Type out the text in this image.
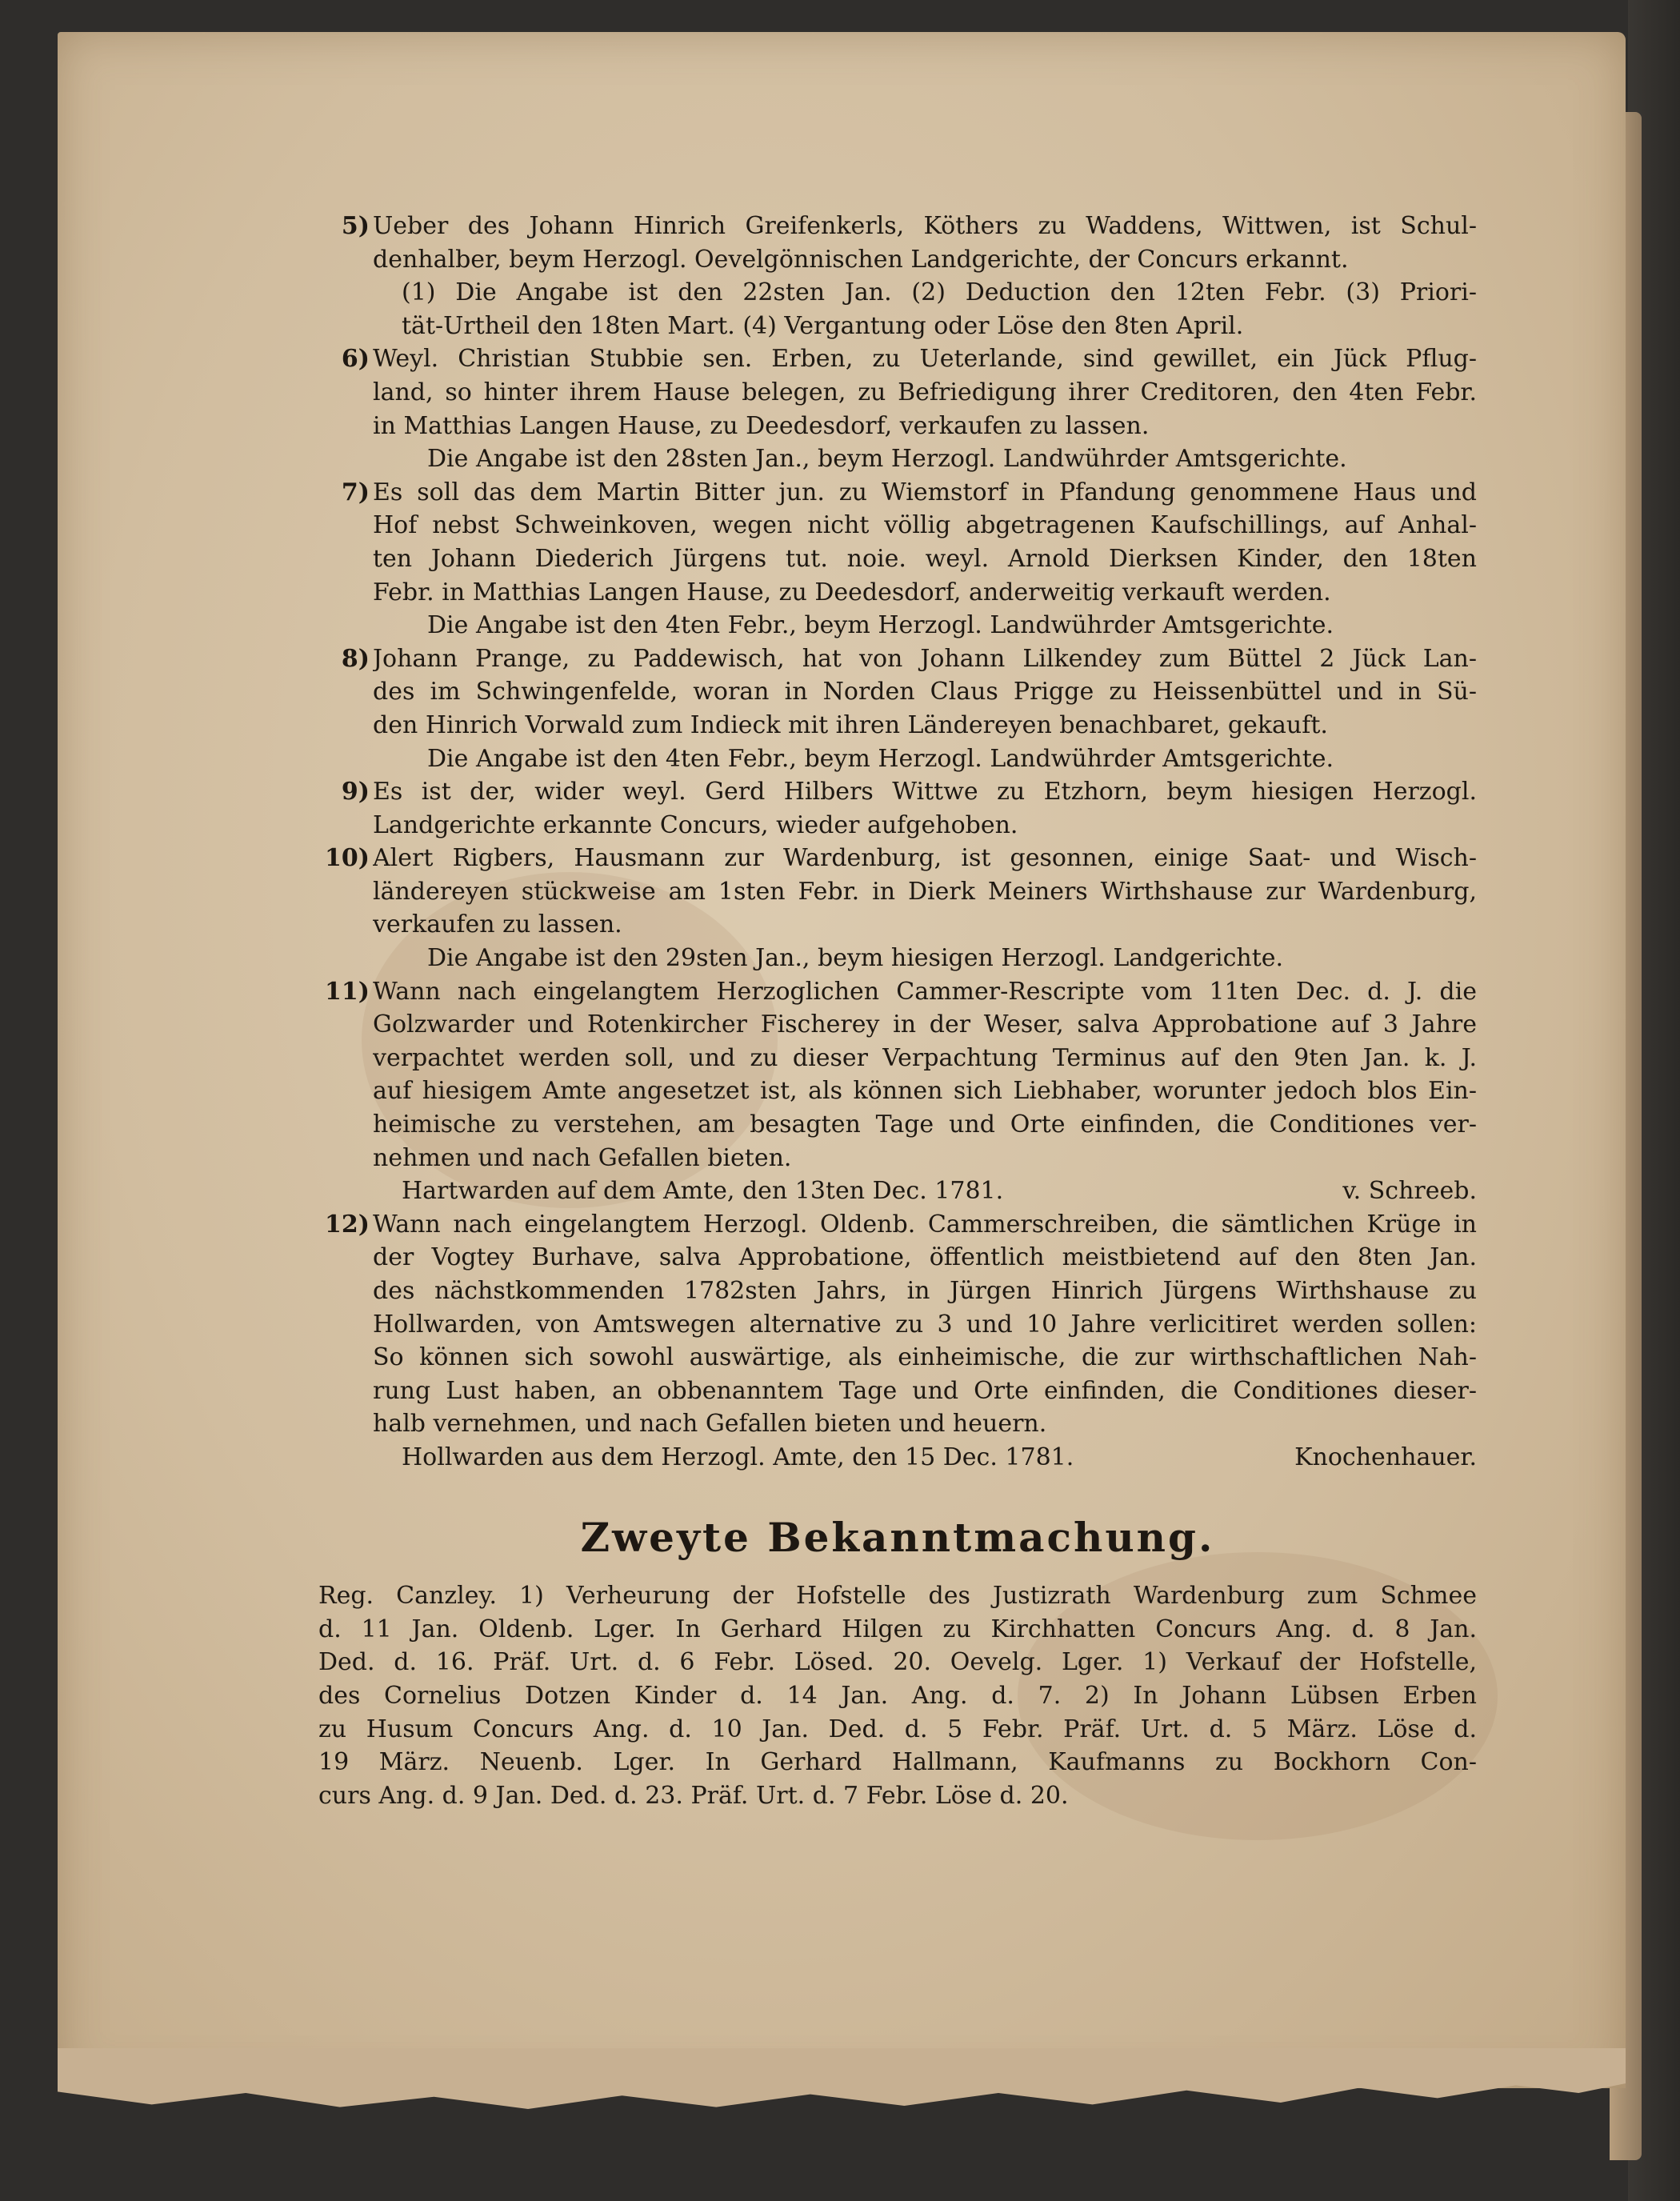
5) Ueber des Johann Hinrich Greifenkerls, Köthers zu Waddens, Wittwen, ist Schul-
denhalber, beym Herzogl. Oevelgönnischen Landgerichte, der Concurs erkannt.
(1) Die Angabe ist den 22sten Jan. (2) Deduction den 12ten Febr. (3) Priori-
tät-Urtheil den 18ten Mart. (4) Vergantung oder Löse den 8ten April.
6) Weyl. Christian Stubbie sen. Erben, zu Ueterlande, sind gewillet, ein Jück Pflug-
land, so hinter ihrem Hause belegen, zu Befriedigung ihrer Creditoren, den 4ten Febr.
in Matthias Langen Hause, zu Deedesdorf, verkaufen zu lassen.
Die Angabe ist den 28sten Jan., beym Herzogl. Landwührder Amtsgerichte.
7) Es soll das dem Martin Bitter jun. zu Wiemstorf in Pfandung genommene Haus und
Hof nebst Schweinkoven, wegen nicht völlig abgetragenen Kaufschillings, auf Anhal-
ten Johann Diederich Jürgens tut. noie. weyl. Arnold Dierksen Kinder, den 18ten
Febr. in Matthias Langen Hause, zu Deedesdorf, anderweitig verkauft werden.
Die Angabe ist den 4ten Febr., beym Herzogl. Landwührder Amtsgerichte.
8) Johann Prange, zu Paddewisch, hat von Johann Lilkendey zum Büttel 2 Jück Lan-
des im Schwingenfelde, woran in Norden Claus Prigge zu Heissenbüttel und in Sü-
den Hinrich Vorwald zum Indieck mit ihren Ländereyen benachbaret, gekauft.
Die Angabe ist den 4ten Febr., beym Herzogl. Landwührder Amtsgerichte.
9) Es ist der, wider weyl. Gerd Hilbers Wittwe zu Etzhorn, beym hiesigen Herzogl.
Landgerichte erkannte Concurs, wieder aufgehoben.
10) Alert Rigbers, Hausmann zur Wardenburg, ist gesonnen, einige Saat- und Wisch-
ländereyen stückweise am 1sten Febr. in Dierk Meiners Wirthshause zur Wardenburg,
verkaufen zu lassen.
Die Angabe ist den 29sten Jan., beym hiesigen Herzogl. Landgerichte.
11) Wann nach eingelangtem Herzoglichen Cammer-Rescripte vom 11ten Dec. d. J. die
Golzwarder und Rotenkircher Fischerey in der Weser, salva Approbatione auf 3 Jahre
verpachtet werden soll, und zu dieser Verpachtung Terminus auf den 9ten Jan. k. J.
auf hiesigem Amte angesetzet ist, als können sich Liebhaber, worunter jedoch blos Ein-
heimische zu verstehen, am besagten Tage und Orte einfinden, die Conditiones ver-
nehmen und nach Gefallen bieten.
Hartwarden auf dem Amte, den 13ten Dec. 1781.	v. Schreeb.
12) Wann nach eingelangtem Herzogl. Oldenb. Cammerschreiben, die sämtlichen Krüge in
der Vogtey Burhave, salva Approbatione, öffentlich meistbietend auf den 8ten Jan.
des nächstkommenden 1782sten Jahrs, in Jürgen Hinrich Jürgens Wirthshause zu
Hollwarden, von Amtswegen alternative zu 3 und 10 Jahre verlicitiret werden sollen:
So können sich sowohl auswärtige, als einheimische, die zur wirthschaftlichen Nah-
rung Lust haben, an obbenanntem Tage und Orte einfinden, die Conditiones dieser-
halb vernehmen, und nach Gefallen bieten und heuern.
Hollwarden aus dem Herzogl. Amte, den 15 Dec. 1781.	Knochenhauer.
Zweyte Bekanntmachung.
Reg. Canzley. 1) Verheurung der Hofstelle des Justizrath Wardenburg zum Schmee
d. 11 Jan. Oldenb. Lger. In Gerhard Hilgen zu Kirchhatten Concurs Ang. d. 8 Jan.
Ded. d. 16. Präf. Urt. d. 6 Febr. Lösed. 20. Oevelg. Lger. 1) Verkauf der Hofstelle,
des Cornelius Dotzen Kinder d. 14 Jan. Ang. d. 7. 2) In Johann Lübsen Erben
zu Husum Concurs Ang. d. 10 Jan. Ded. d. 5 Febr. Präf. Urt. d. 5 März. Löse d.
19 März. Neuenb. Lger. In Gerhard Hallmann, Kaufmanns zu Bockhorn Con-
curs Ang. d. 9 Jan. Ded. d. 23. Präf. Urt. d. 7 Febr. Löse d. 20.
